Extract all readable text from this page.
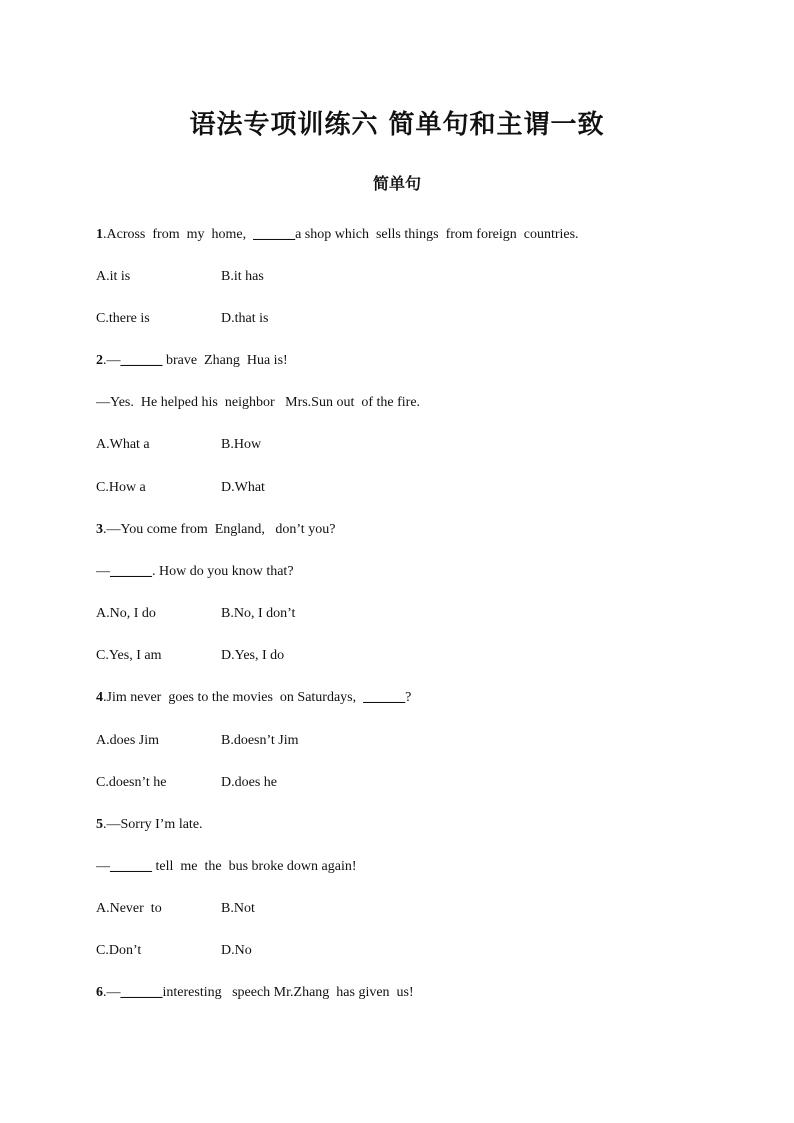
语法专项训练六 简单句和主谓一致
简单句
1.Across  from  my  home,  ______a shop which  sells things  from foreign  countries.
A.it is	B.it has
C.there is	D.that is
2.—______ brave  Zhang  Hua is!
—Yes.  He helped his  neighbor   Mrs.Sun out  of the fire.
A.What a	B.How
C.How a	D.What
3.—You come from  England,   don’t you?
—______. How do you know that?
A.No, I do	B.No, I don’t
C.Yes, I am	D.Yes, I do
4.Jim never  goes to the movies  on Saturdays,  ______?
A.does Jim	B.doesn’t Jim
C.doesn’t he	D.does he
5.—Sorry I’m late.
—______ tell  me  the  bus broke down again!
A.Never  to	B.Not
C.Don’t	D.No
6.—______interesting   speech Mr.Zhang  has given  us!
